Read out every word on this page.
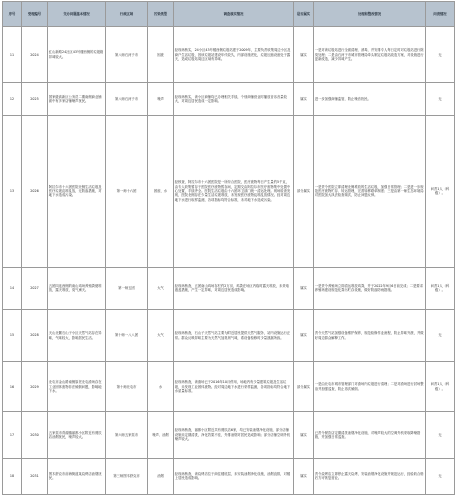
序号	受理编号	交办问题基本情况	行政区域	污染类型	调查核实情况	是否属实	处理和整改情况	问责情况
11	2024	红山新路24社区43号楼西侧的垃圾箱异味较大。	第八师石河子市	固废	经现场核实，24小区43号楼西侧垃圾站建于2009年，主要负责收集周边小区及商户生活垃圾，因该垃圾站建设年代较久，内部设施老化，垃圾压缩设备处于露天，造成垃圾站周边区域有异味。	属实	一是对该垃圾站进行全面清理、消毒，并安排专人每日定时对垃圾站进行除臭处理；二是由石河子市城市管理局牵头制定垃圾站改造方案，对设施进行更新改造，减少异味产生。	无
12	2025	国家级高新区公务员二期南侧商业铺面中有多家店铺噪声扰民。	第八师石河子市	噪声	经现场核实，该小区商铺均已办理相关手续，个别商铺营业时播放音乐音量较大，对周边居民造成一定影响。	属实	进一步加强商铺监管，防止噪音扰民。	无
13	2026	阿拉尔市十六团医院北侧生活垃圾及医疗垃圾乱堆乱放，无防渗措施，对地下水造成污染。	第一师十六团	固废、水	经核查，阿拉尔市十六团医院是一所综合医院，医疗废物每日产生量约5千克，由专人收集暂存于医院医疗废物暂存间，定期交由阿拉尔市医疗废物集中处置中心处置，手续齐全。医院生活垃圾由十六团环卫部门统一清运处理。现场检查发现，医院北侧存在少量生活垃圾堆放，未发现医疗废物乱堆乱放情况。经对周边地下水进行取样监测，各项指标均符合标准，未对地下水造成污染。	部分属实	一是责令医院立即清理北侧堆放的生活垃圾，加强日常管理；二是进一步规范医疗废物贮存、转运管理，完善转移联单制度；三是由第一师生态环境局对医院加大执法检查频次，防止问题反弹。	问责1人（科级）。
14	2027	五团四连西侧的南山鸡场养殖粪便堆放，露天堆放，臭气熏天。	第一师五团	大气	经现场核查，五团南山鸡场存栏约2万羽，鸡粪在场区内临时露天堆放，未采取遮盖措施，产生一定异味，对周边居民造成影响。	属实	一是责令养殖场立即清运堆放鸡粪，并于2022年9月6日前完成；二是要求养殖场建设规范化粪污贮存设施，做好防渗防雨措施。	问责1人（科级）。
15	2028	天山北麓石山子小区天然气站存在异味，气味较大，影响居民生活。	第十师一八八团	大气	经现场核查，石山子天然气站主要为附近居民提供天然气服务，站内设施运行正常。群众反映异味主要为天然气加臭剂气味，系设备检修时少量泄漏所致。	属实	责令天然气站加强设备维护保养，规范检修作业流程，防止异味外泄，并做好周边群众解释工作。	无
16	2029	北屯市金山路南侧原老北屯渣场存在工业固体废物非法倾倒问题，影响地下水。	第十师北屯市	水	经现场核查，该渣场已于2016年10月停用，场地内有少量建筑垃圾及生活垃圾，未发现工业固体废物。经对周边地下水进行采样监测，各项指标均符合地下水质量标准。	部分属实	一是由北屯市城市管理部门对渣场内垃圾进行清理；二是对渣场进行封场整治并加强巡查，防止再次倾倒。	问责1人（科级）。
17	2030	五家渠市青湖镇丽都小区附近有餐饮店油烟扰民，噪声较大。	第六师五家渠市	噪声、油烟	经现场核查，丽都小区附近共有餐饮店6家，均已安装油烟净化设施，部分店铺设施未定期清洗，净化效果不佳，外排油烟对居民造成影响；部分店铺空调外机噪声较大。	属实	已责令餐饮店定期清洗油烟净化设施，对噪声较大的空调外机采取降噪措施，并加强日常巡查。	无
18	2031	图木舒克市前海街道某烧烤店油烟扰民。	第三师图木舒克市	油烟	经现场核查，该烧烤店位于商住楼底层，未安装油烟净化设施，油烟直排，对楼上居民造成影响。	属实	责令烧烤店立即停止露天烧烤，安装油烟净化设施并规范运行，经验收合格后方可恢复营业。	无
